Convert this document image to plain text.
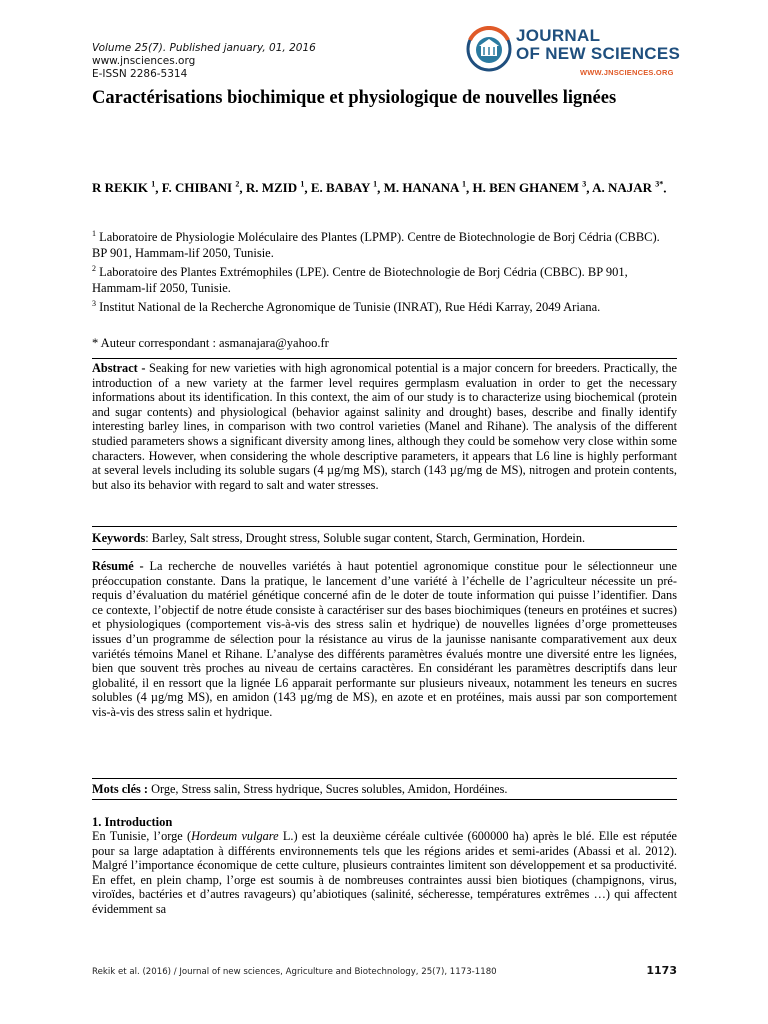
Volume 25(7). Published january, 01, 2016
www.jnsciences.org
E-ISSN 2286-5314
JOURNAL
OF NEW SCIENCES
WWW.JNSCIENCES.ORG
Caractérisations biochimique et physiologique de nouvelles lignées
R REKIK $^1$, F. CHIBANI $^2$, R. MZID $^1$, E. BABAY $^1$, M. HANANA $^1$, H. BEN GHANEM $^3$, A. NAJAR $^{3*}$.

$^1$ Laboratoire de Physiologie Moléculaire des Plantes (LPMP). Centre de Biotechnologie de Borj Cédria (CBBC). BP 901, Hammam-lif 2050, Tunisie.

$^2$ Laboratoire des Plantes Extrémophiles (LPE). Centre de Biotechnologie de Borj Cédria (CBBC). BP 901, Hammam-lif 2050, Tunisie.

$^3$ Institut National de la Recherche Agronomique de Tunisie (INRAT), Rue Hédi Karray, 2049 Ariana.

* Auteur correspondant : asmanajara@yahoo.fr
Abstract - Seaking for new varieties with high agronomical potential is a major concern for breeders. Practically, the introduction of a new variety at the farmer level requires germplasm evaluation in order to get the necessary informations about its identification. In this context, the aim of our study is to characterize using biochemical (protein and sugar contents) and physiological (behavior against salinity and drought) bases, describe and finally identify interesting barley lines, in comparison with two control varieties (Manel and Rihane). The analysis of the different studied parameters shows a significant diversity among lines, although they could be somehow very close within some characters. However, when considering the whole descriptive parameters, it appears that L6 line is highly performant at several levels including its soluble sugars (4 µg/mg MS), starch (143 µg/mg de MS), nitrogen and protein contents, but also its behavior with regard to salt and water stresses.
Keywords: Barley, Salt stress, Drought stress, Soluble sugar content, Starch, Germination, Hordein.
Résumé - La recherche de nouvelles variétés à haut potentiel agronomique constitue pour le sélectionneur une préoccupation constante. Dans la pratique, le lancement d’une variété à l’échelle de l’agriculteur nécessite un pré-requis d’évaluation du matériel génétique concerné afin de le doter de toute information qui puisse l’identifier. Dans ce contexte, l’objectif de notre étude consiste à caractériser sur des bases biochimiques (teneurs en protéines et sucres) et physiologiques (comportement vis-à-vis des stress salin et hydrique) de nouvelles lignées d’orge prometteuses issues d’un programme de sélection pour la résistance au virus de la jaunisse nanisante comparativement aux deux variétés témoins Manel et Rihane. L’analyse des différents paramètres évalués montre une diversité entre les lignées, bien que souvent très proches au niveau de certains caractères. En considérant les paramètres descriptifs dans leur globalité, il en ressort que la lignée L6 apparait performante sur plusieurs niveaux, notamment les teneurs en sucres solubles (4 µg/mg MS), en amidon (143 µg/mg de MS), en azote et en protéines, mais aussi par son comportement vis-à-vis des stress salin et hydrique.
Mots clés : Orge, Stress salin, Stress hydrique, Sucres solubles, Amidon, Hordéines.
1. Introduction
En Tunisie, l’orge (Hordeum vulgare L.) est la deuxième céréale cultivée (600000 ha) après le blé. Elle est réputée pour sa large adaptation à différents environnements tels que les régions arides et semi-arides (Abassi et al. 2012). Malgré l’importance économique de cette culture, plusieurs contraintes limitent son développement et sa productivité. En effet, en plein champ, l’orge est soumis à de nombreuses contraintes aussi bien biotiques (champignons, virus, viroïdes, bactéries et d’autres ravageurs) qu’abiotiques (salinité, sécheresse, températures extrêmes …) qui affectent évidemment sa
Rekik et al. (2016) / Journal of new sciences, Agriculture and Biotechnology, 25(7), 1173-1180	1173
